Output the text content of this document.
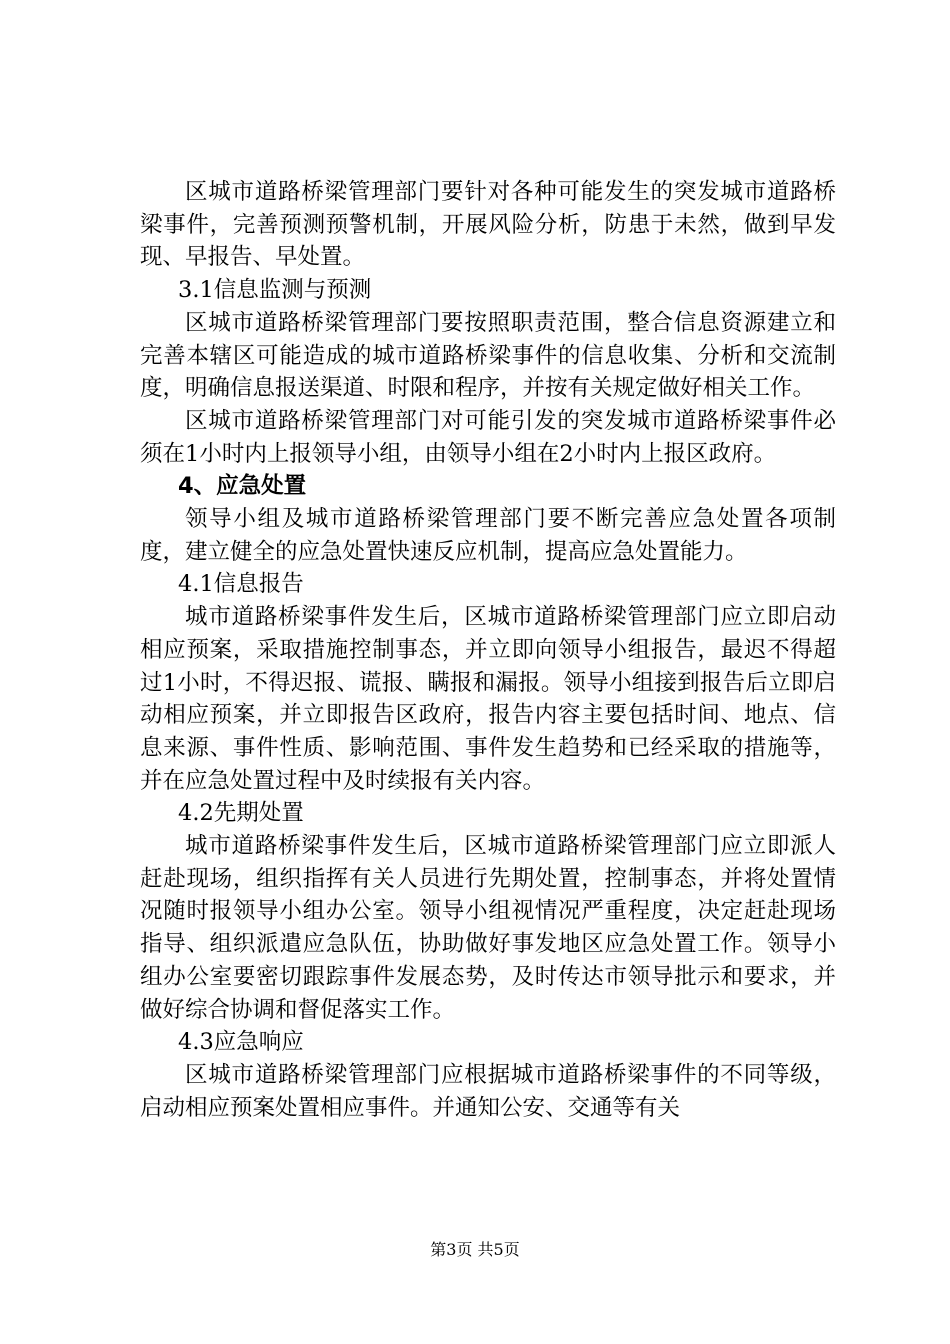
区城市道路桥梁管理部门要针对各种可能发生的突发城市道路桥梁事件，完善预测预警机制，开展风险分析，防患于未然，做到早发现、早报告、早处置。

3.1信息监测与预测

区城市道路桥梁管理部门要按照职责范围，整合信息资源建立和完善本辖区可能造成的城市道路桥梁事件的信息收集、分析和交流制度，明确信息报送渠道、时限和程序，并按有关规定做好相关工作。

区城市道路桥梁管理部门对可能引发的突发城市道路桥梁事件必须在1小时内上报领导小组，由领导小组在2小时内上报区政府。

4、应急处置

领导小组及城市道路桥梁管理部门要不断完善应急处置各项制度，建立健全的应急处置快速反应机制，提高应急处置能力。

4.1信息报告

城市道路桥梁事件发生后，区城市道路桥梁管理部门应立即启动相应预案，采取措施控制事态，并立即向领导小组报告，最迟不得超过1小时，不得迟报、谎报、瞒报和漏报。领导小组接到报告后立即启动相应预案，并立即报告区政府，报告内容主要包括时间、地点、信息来源、事件性质、影响范围、事件发生趋势和已经采取的措施等，并在应急处置过程中及时续报有关内容。

4.2先期处置

城市道路桥梁事件发生后，区城市道路桥梁管理部门应立即派人赶赴现场，组织指挥有关人员进行先期处置，控制事态，并将处置情况随时报领导小组办公室。领导小组视情况严重程度，决定赶赴现场指导、组织派遣应急队伍，协助做好事发地区应急处置工作。领导小组办公室要密切跟踪事件发展态势，及时传达市领导批示和要求，并做好综合协调和督促落实工作。

4.3应急响应

区城市道路桥梁管理部门应根据城市道路桥梁事件的不同等级，启动相应预案处置相应事件。并通知公安、交通等有关

第3页 共5页
